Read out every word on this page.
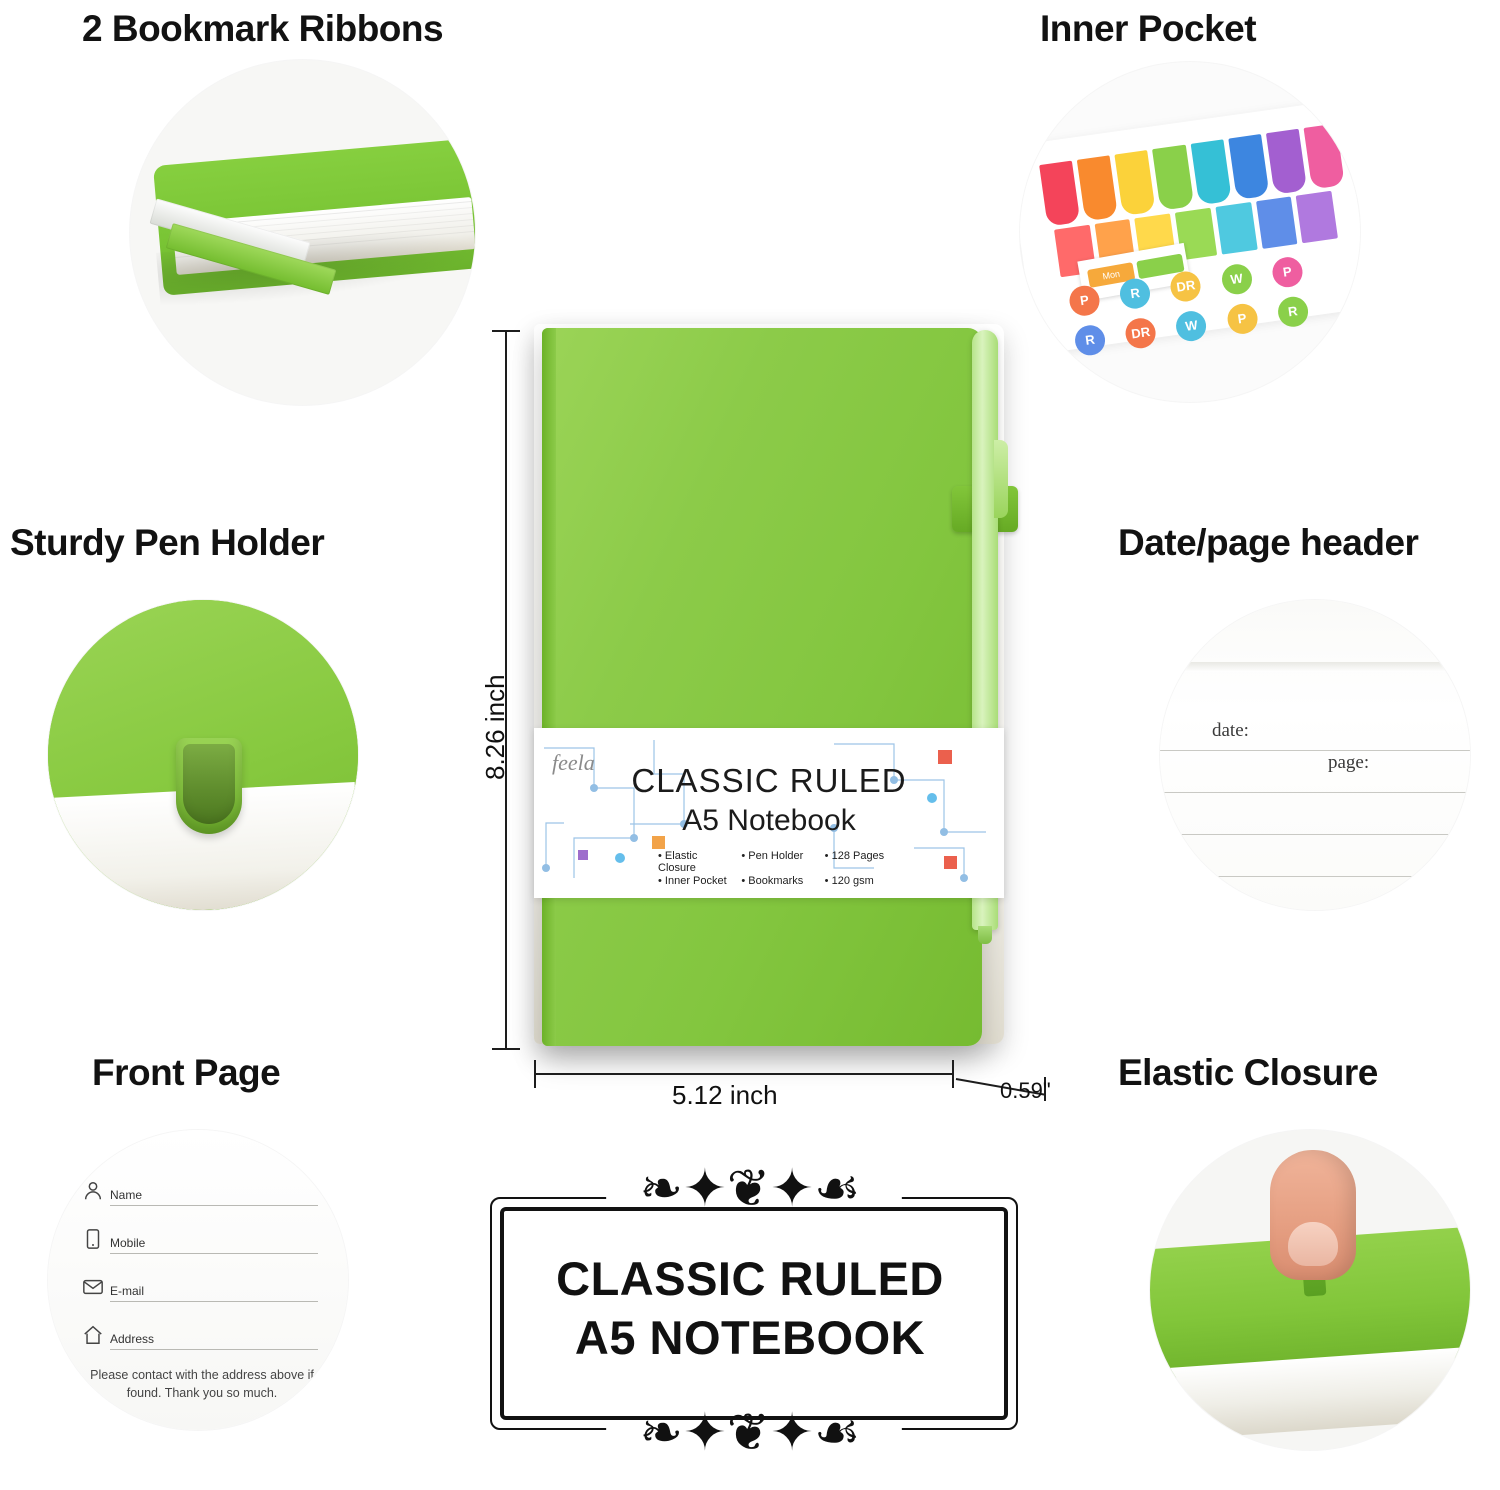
2 Bookmark Ribbons	Inner Pocket
Sturdy Pen Holder	Date/page header
Front Page	Elastic Closure
Mon
P	R	DR	W	P
R	DR	W	P	R
date:
page:
Name
Mobile
E-mail
Address
Please contact with the address above if found. Thank you so much.
feela	CLASSIC RULED
A5 Notebook
• Elastic Closure
• Pen Holder	• 128 Pages
• Inner Pocket	• Bookmarks	• 120 gsm
8.26 inch
5.12 inch	0.59"
❧✦❦✦☙
CLASSIC RULED
A5 NOTEBOOK
❧✦❦✦☙
